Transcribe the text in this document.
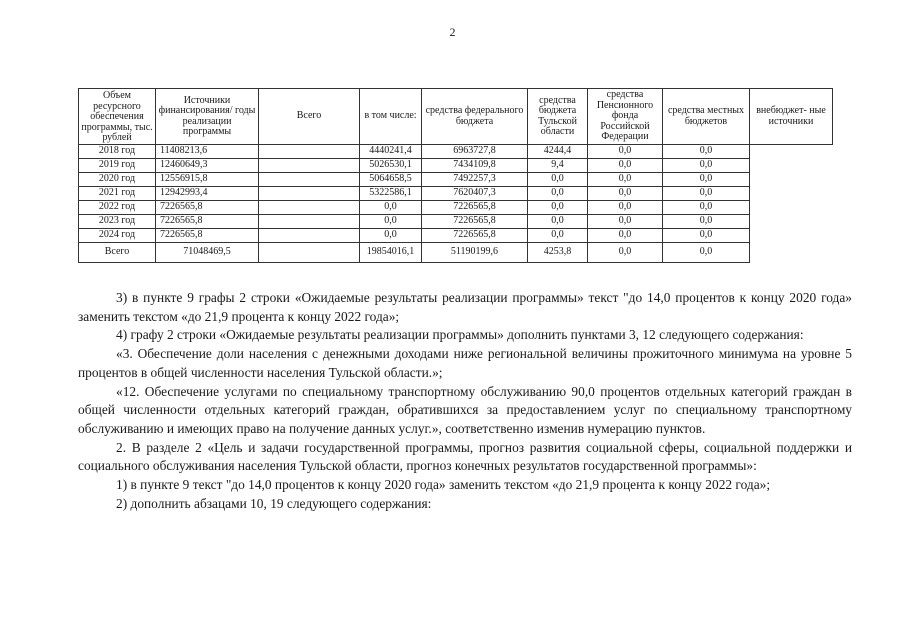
2
Объем ресурсного обеспечения программы, тыс. рублей	Источники финансирования/ годы реализации программы	Всего	в том числе:	средства федерального бюджета	средства бюджета Тульской области	средства Пенсионного фонда Российской Федерации	средства местных бюджетов	внебюджет- ные источники
2018 год	11408213,6		4440241,4	6963727,8	4244,4	0,0	0,0	
2019 год	12460649,3		5026530,1	7434109,8	9,4	0,0	0,0	
2020 год	12556915,8		5064658,5	7492257,3	0,0	0,0	0,0	
2021 год	12942993,4		5322586,1	7620407,3	0,0	0,0	0,0	
2022 год	7226565,8		0,0	7226565,8	0,0	0,0	0,0	
2023 год	7226565,8		0,0	7226565,8	0,0	0,0	0,0	
2024 год	7226565,8		0,0	7226565,8	0,0	0,0	0,0	
Всего	71048469,5		19854016,1	51190199,6	4253,8	0,0	0,0	

3) в пункте 9 графы 2 строки «Ожидаемые результаты реализации программы» текст "до 14,0 процентов к концу 2020 года» заменить текстом «до 21,9 процента к концу 2022 года»;

4) графу 2 строки «Ожидаемые результаты реализации программы» дополнить пунктами 3, 12 следующего содержания:

«3. Обеспечение доли населения с денежными доходами ниже региональной величины прожиточного минимума на уровне 5 процентов в общей численности населения Тульской области.»;

«12. Обеспечение услугами по специальному транспортному обслуживанию 90,0 процентов отдельных категорий граждан в общей численности отдельных категорий граждан, обратившихся за предоставлением услуг по специальному транспортному обслуживанию и имеющих право на получение данных услуг.», соответственно изменив нумерацию пунктов.

2. В разделе 2 «Цель и задачи государственной программы, прогноз развития социальной сферы, социальной поддержки и социального обслуживания населения Тульской области, прогноз конечных результатов государственной программы»:

1) в пункте 9 текст "до 14,0 процентов к концу 2020 года» заменить текстом «до 21,9 процента к концу 2022 года»;

2) дополнить абзацами 10, 19 следующего содержания:
